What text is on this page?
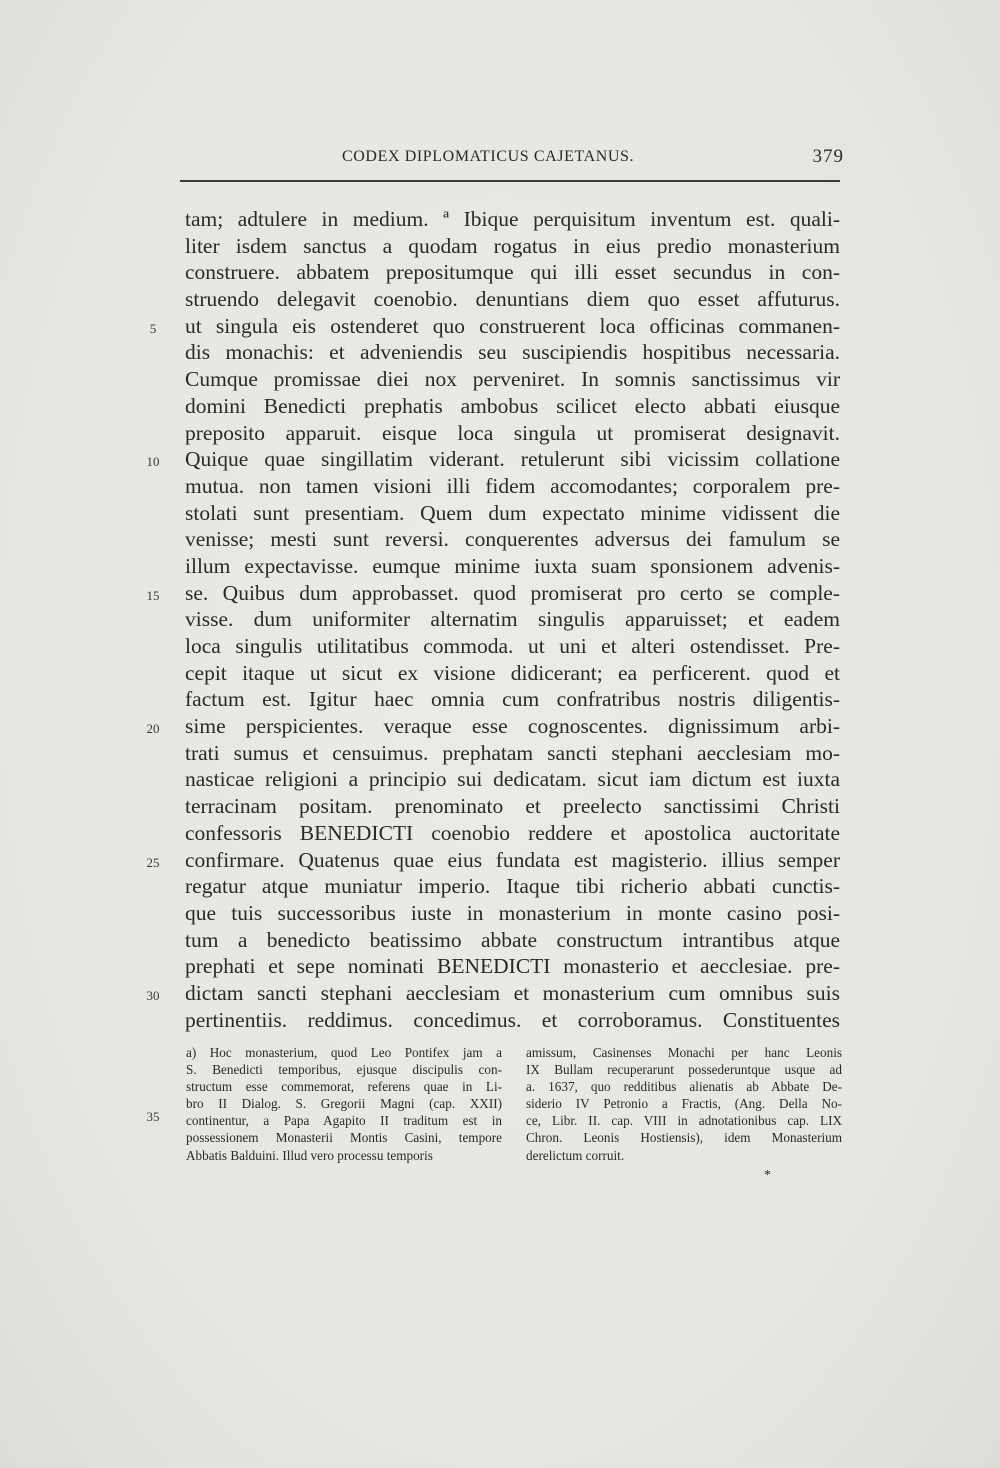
CODEX DIPLOMATICUS CAJETANUS.	379
5
10
15
20
25
30
35
tam; adtulere in medium. ª Ibique perquisitum inventum est. quali-
liter isdem sanctus a quodam rogatus in eius predio monasterium
construere. abbatem prepositumque qui illi esset secundus in con-
struendo delegavit coenobio. denuntians diem quo esset affuturus.
ut singula eis ostenderet quo construerent loca officinas commanen-
dis monachis: et adveniendis seu suscipiendis hospitibus necessaria.
Cumque promissae diei nox perveniret. In somnis sanctissimus vir
domini Benedicti prephatis ambobus scilicet electo abbati eiusque
preposito apparuit. eisque loca singula ut promiserat designavit.
Quique quae singillatim viderant. retulerunt sibi vicissim collatione
mutua. non tamen visioni illi fidem accomodantes; corporalem pre-
stolati sunt presentiam. Quem dum expectato minime vidissent die
venisse; mesti sunt reversi. conquerentes adversus dei famulum se
illum expectavisse. eumque minime iuxta suam sponsionem advenis-
se. Quibus dum approbasset. quod promiserat pro certo se comple-
visse. dum uniformiter alternatim singulis apparuisset; et eadem
loca singulis utilitatibus commoda. ut uni et alteri ostendisset. Pre-
cepit itaque ut sicut ex visione didicerant; ea perficerent. quod et
factum est. Igitur haec omnia cum confratribus nostris diligentis-
sime perspicientes. veraque esse cognoscentes. dignissimum arbi-
trati sumus et censuimus. prephatam sancti stephani aecclesiam mo-
nasticae religioni a principio sui dedicatam. sicut iam dictum est iuxta
terracinam positam. prenominato et preelecto sanctissimi Christi
confessoris BENEDICTI coenobio reddere et apostolica auctoritate
confirmare. Quatenus quae eius fundata est magisterio. illius semper
regatur atque muniatur imperio. Itaque tibi richerio abbati cunctis-
que tuis successoribus iuste in monasterium in monte casino posi-
tum a benedicto beatissimo abbate constructum intrantibus atque
prephati et sepe nominati BENEDICTI monasterio et aecclesiae. pre-
dictam sancti stephani aecclesiam et monasterium cum omnibus suis
pertinentiis. reddimus. concedimus. et corroboramus. Constituentes
a) Hoc monasterium, quod Leo Pontifex jam a
S. Benedicti temporibus, ejusque discipulis con-
structum esse commemorat, referens quae in Li-
bro II Dialog. S. Gregorii Magni (cap. XXII)
continentur, a Papa Agapito II traditum est in
possessionem Monasterii Montis Casini, tempore
Abbatis Balduini. Illud vero processu temporis
amissum, Casinenses Monachi per hanc Leonis
IX Bullam recuperarunt possederuntque usque ad
a. 1637, quo redditibus alienatis ab Abbate De-
siderio IV Petronio a Fractis, (Ang. Della No-
ce, Libr. II. cap. VIII in adnotationibus cap. LIX
Chron. Leonis Hostiensis), idem Monasterium
derelictum corruit.
*
